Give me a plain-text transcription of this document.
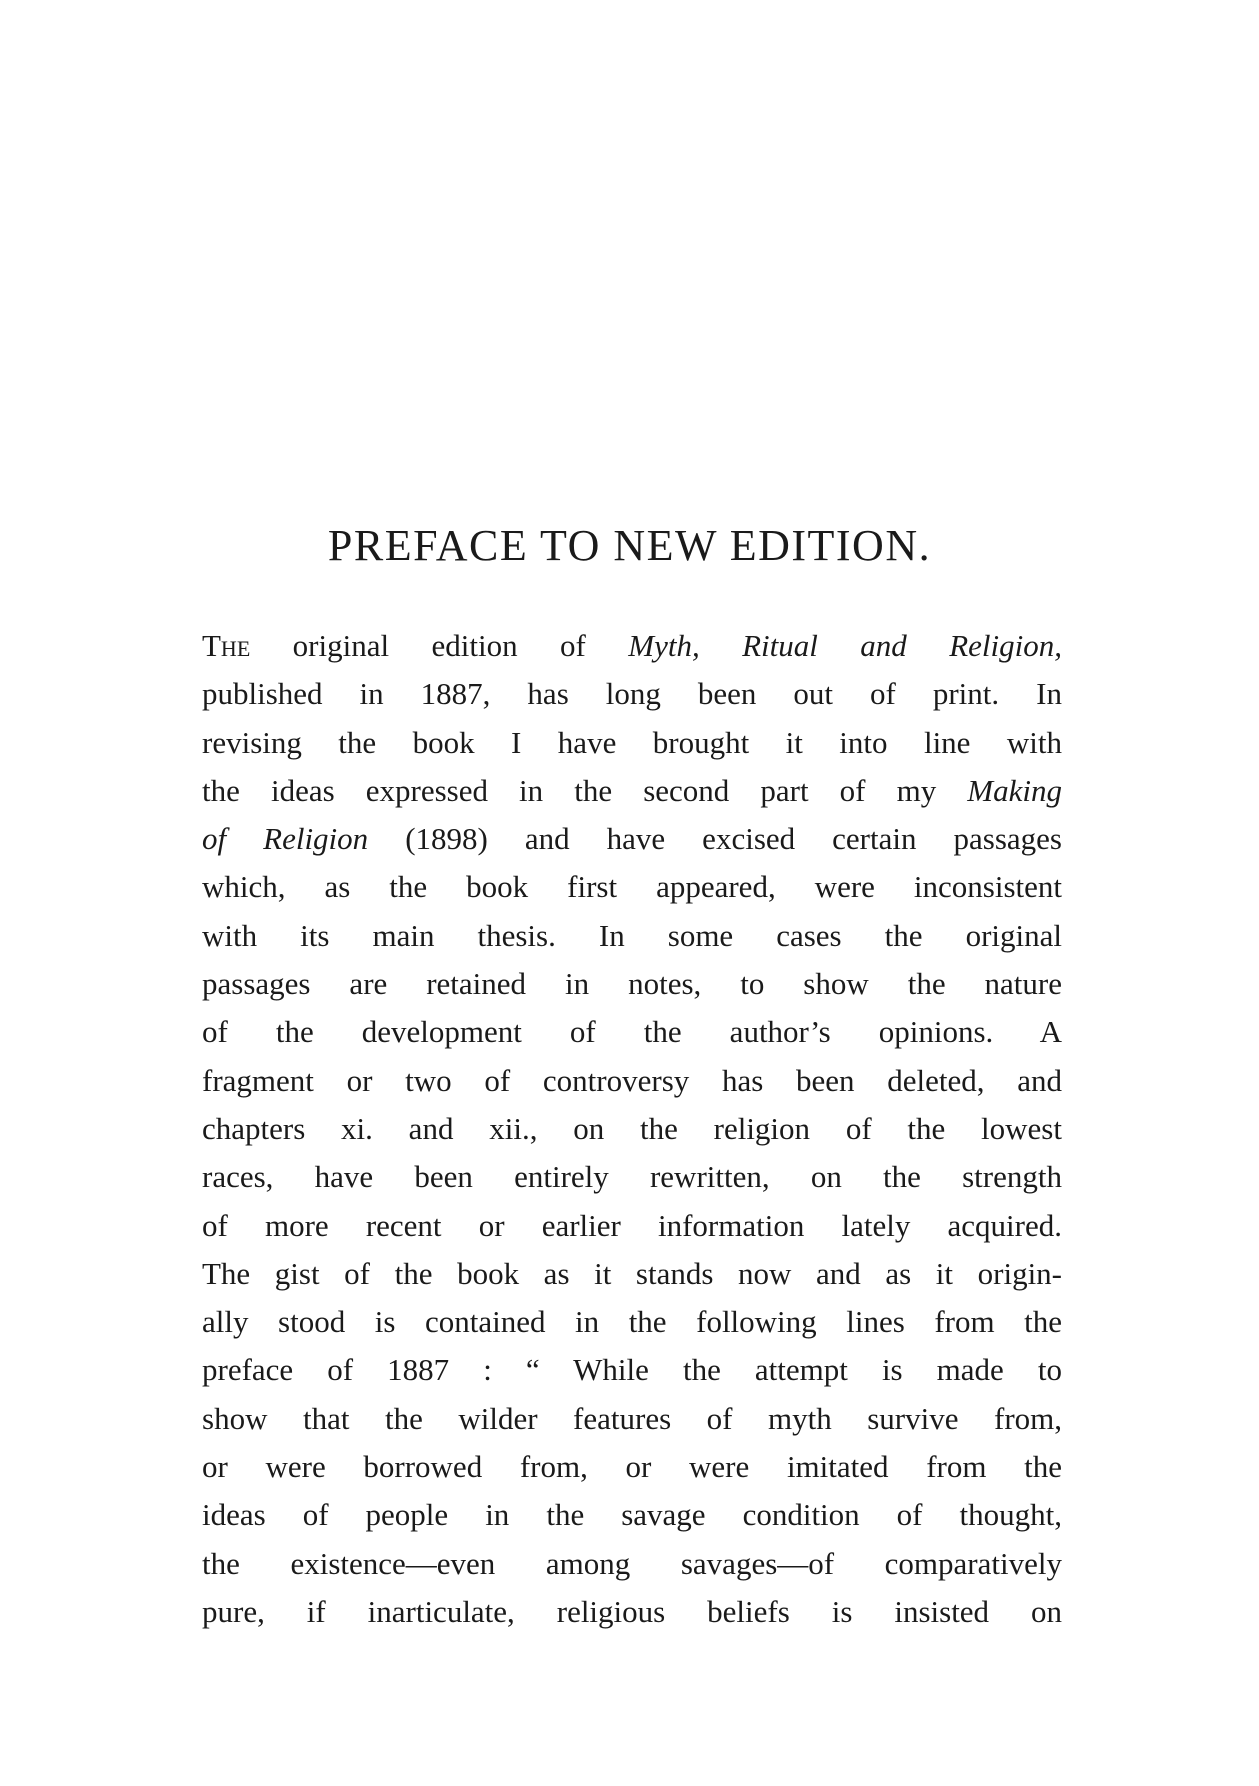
PREFACE TO NEW EDITION.
The original edition of Myth, Ritual and Religion,
published in 1887, has long been out of print. In
revising the book I have brought it into line with
the ideas expressed in the second part of my Making
of Religion (1898) and have excised certain passages
which, as the book first appeared, were inconsistent
with its main thesis. In some cases the original
passages are retained in notes, to show the nature
of the development of the author’s opinions. A
fragment or two of controversy has been deleted, and
chapters xi. and xii., on the religion of the lowest
races, have been entirely rewritten, on the strength
of more recent or earlier information lately acquired.
The gist of the book as it stands now and as it origin-
ally stood is contained in the following lines from the
preface of 1887 : “ While the attempt is made to
show that the wilder features of myth survive from,
or were borrowed from, or were imitated from the
ideas of people in the savage condition of thought,
the existence—even among savages—of comparatively
pure, if inarticulate, religious beliefs is insisted on
